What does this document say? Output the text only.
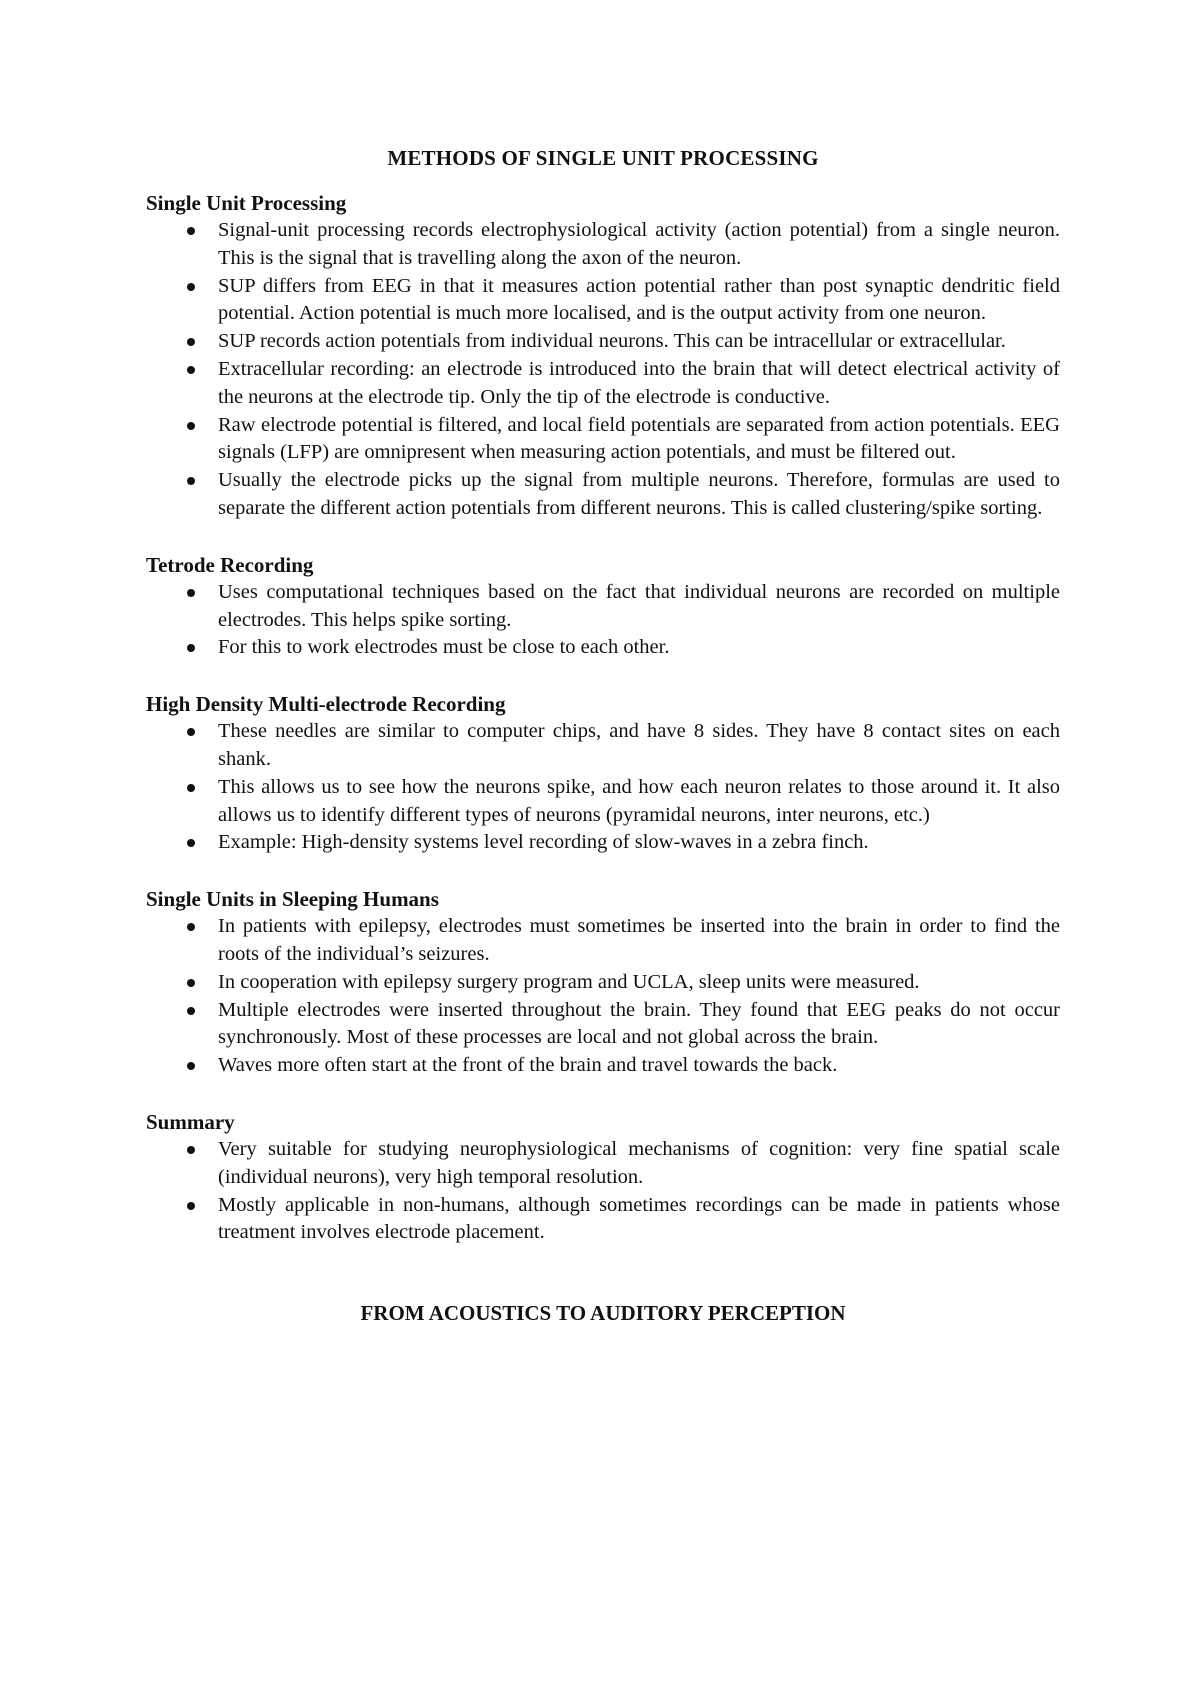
METHODS OF SINGLE UNIT PROCESSING
Single Unit Processing
Signal-unit processing records electrophysiological activity (action potential) from a single neuron. This is the signal that is travelling along the axon of the neuron.
SUP differs from EEG in that it measures action potential rather than post synaptic dendritic field potential. Action potential is much more localised, and is the output activity from one neuron.
SUP records action potentials from individual neurons. This can be intracellular or extracellular.
Extracellular recording: an electrode is introduced into the brain that will detect electrical activity of the neurons at the electrode tip. Only the tip of the electrode is conductive.
Raw electrode potential is filtered, and local field potentials are separated from action potentials. EEG signals (LFP) are omnipresent when measuring action potentials, and must be filtered out.
Usually the electrode picks up the signal from multiple neurons. Therefore, formulas are used to separate the different action potentials from different neurons. This is called clustering/spike sorting.
Tetrode Recording
Uses computational techniques based on the fact that individual neurons are recorded on multiple electrodes. This helps spike sorting.
For this to work electrodes must be close to each other.
High Density Multi-electrode Recording
These needles are similar to computer chips, and have 8 sides. They have 8 contact sites on each shank.
This allows us to see how the neurons spike, and how each neuron relates to those around it. It also allows us to identify different types of neurons (pyramidal neurons, inter neurons, etc.)
Example: High-density systems level recording of slow-waves in a zebra finch.
Single Units in Sleeping Humans
In patients with epilepsy, electrodes must sometimes be inserted into the brain in order to find the roots of the individual’s seizures.
In cooperation with epilepsy surgery program and UCLA, sleep units were measured.
Multiple electrodes were inserted throughout the brain. They found that EEG peaks do not occur synchronously. Most of these processes are local and not global across the brain.
Waves more often start at the front of the brain and travel towards the back.
Summary
Very suitable for studying neurophysiological mechanisms of cognition: very fine spatial scale (individual neurons), very high temporal resolution.
Mostly applicable in non-humans, although sometimes recordings can be made in patients whose treatment involves electrode placement.
FROM ACOUSTICS TO AUDITORY PERCEPTION
